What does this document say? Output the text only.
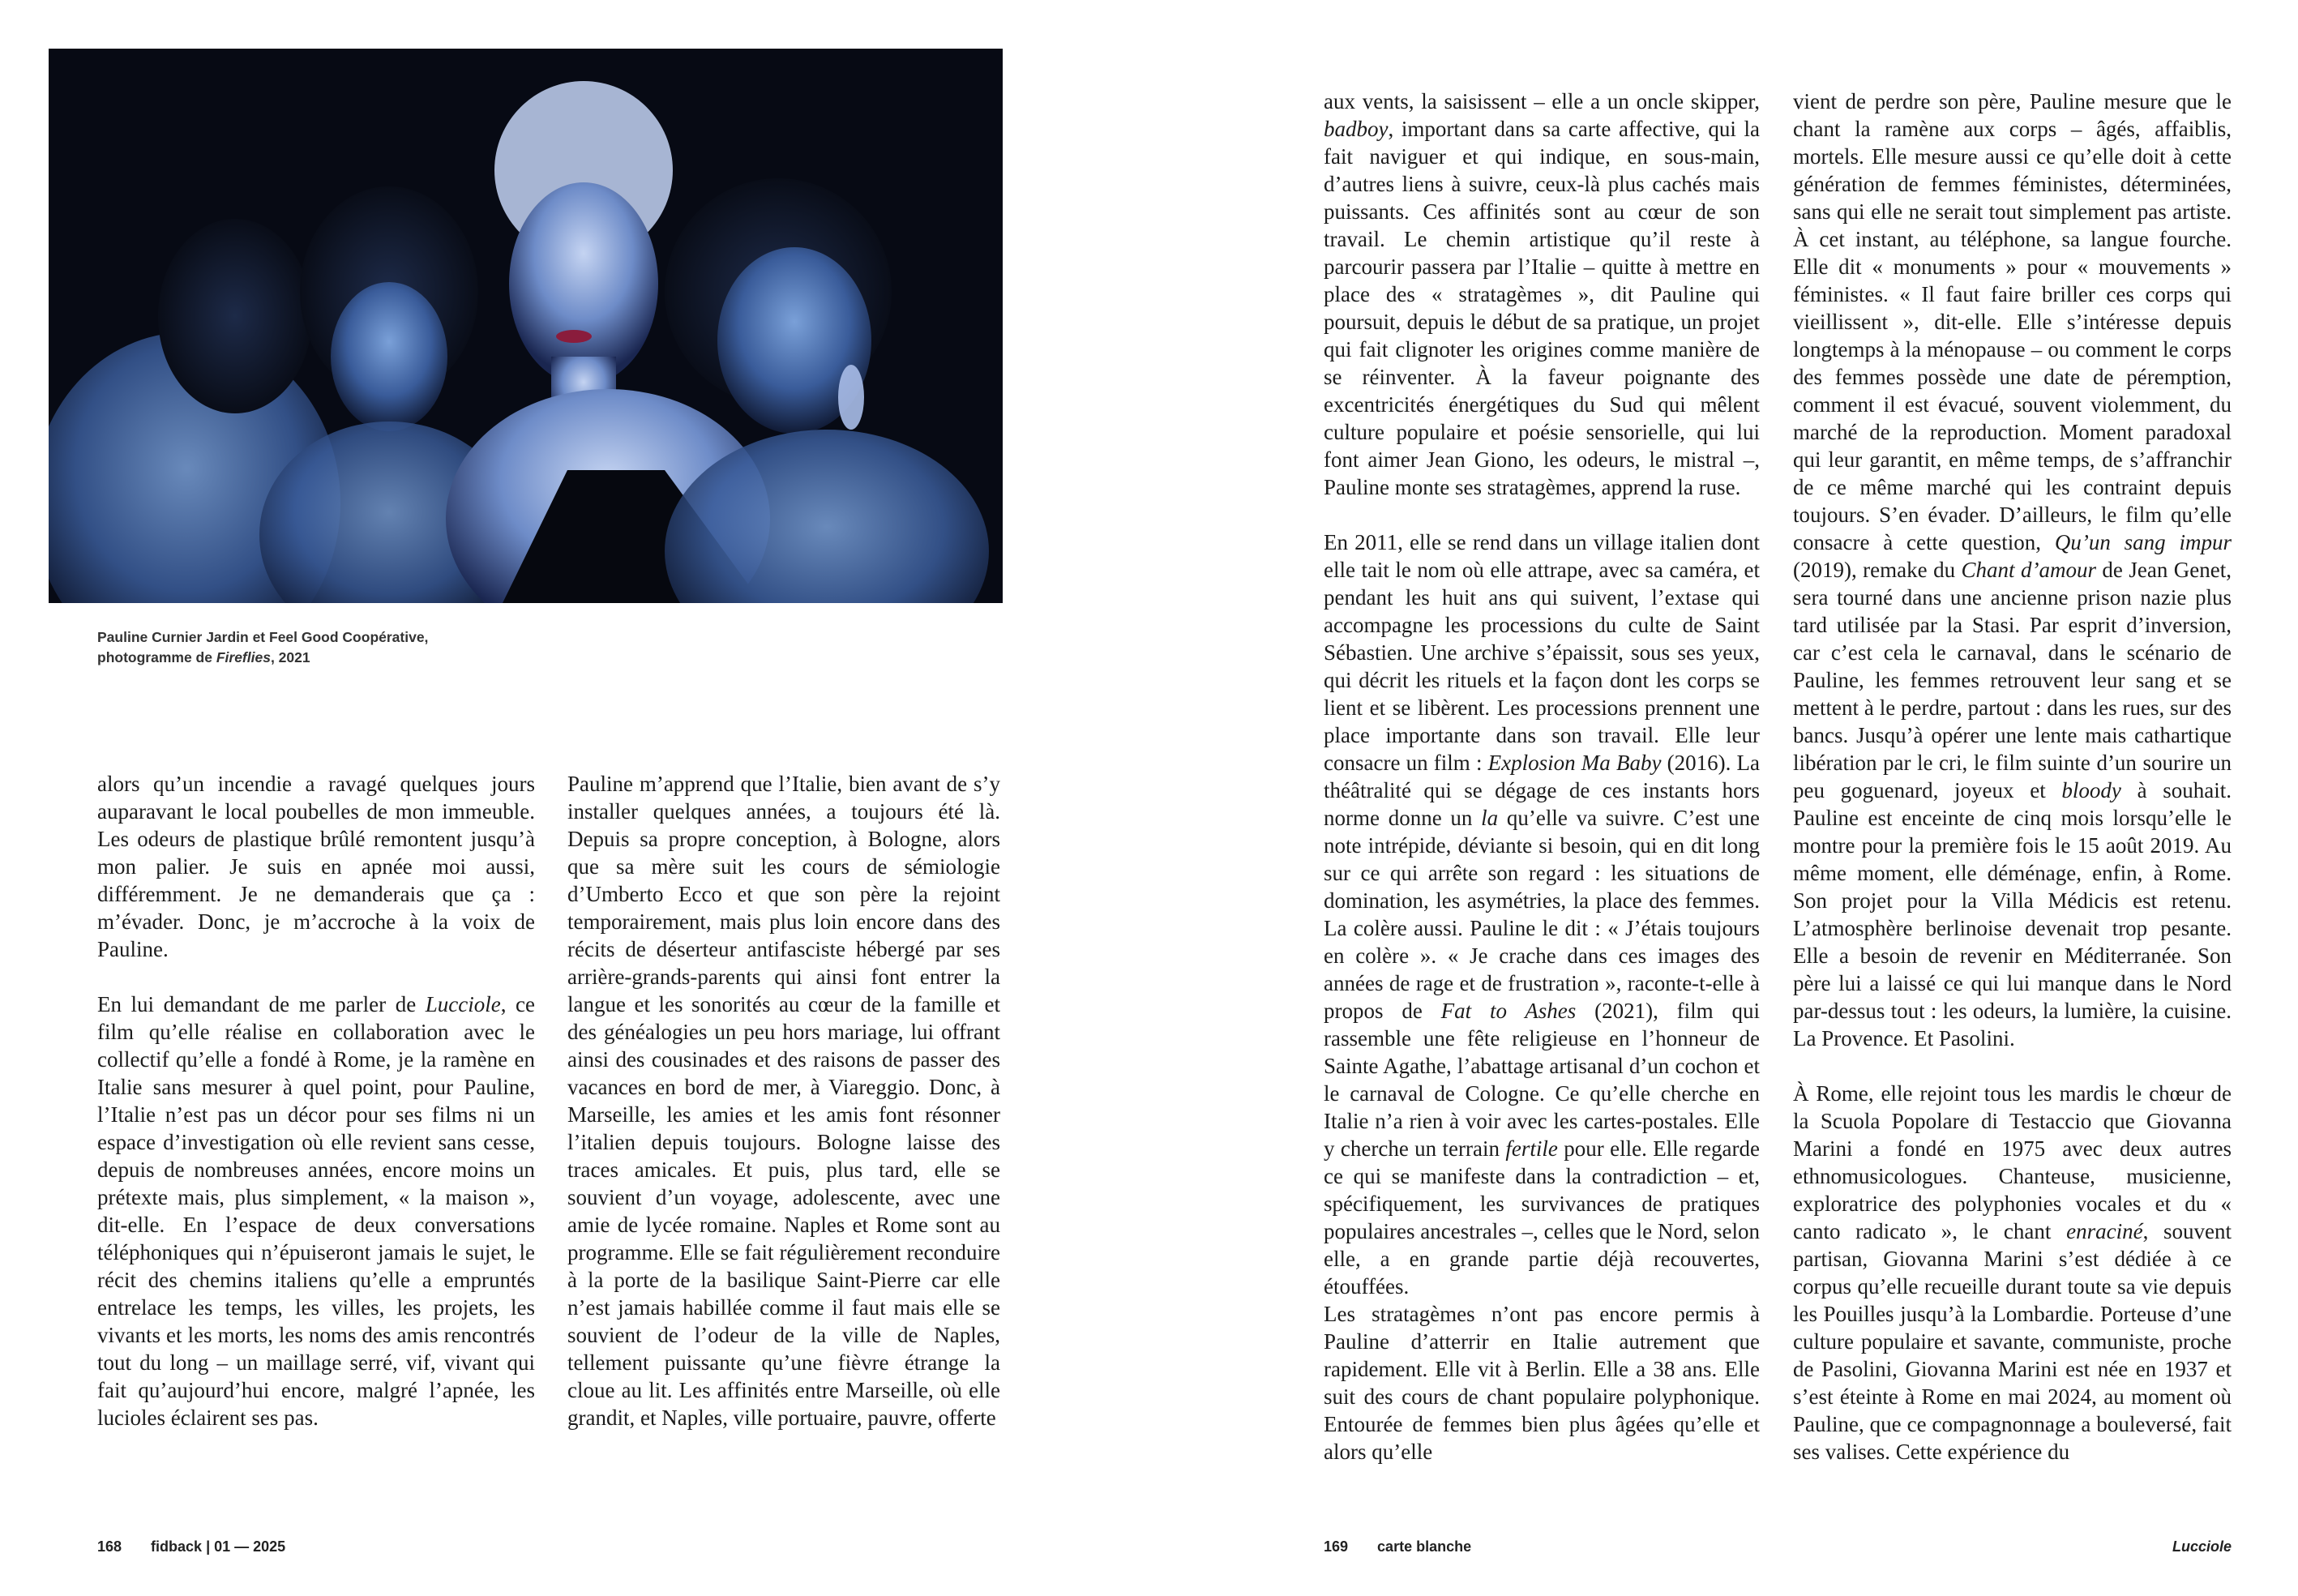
Pauline Curnier Jardin et Feel Good Coopérative,
photogramme de Fireflies, 2021

alors qu’un incendie a ravagé quelques jours auparavant le local poubelles de mon immeuble. Les odeurs de plastique brûlé remontent jusqu’à mon palier. Je suis en apnée moi aussi, différemment. Je ne demanderais que ça : m’évader. Donc, je m’accroche à la voix de Pauline.

En lui demandant de me parler de Lucciole, ce film qu’elle réalise en collaboration avec le collectif qu’elle a fondé à Rome, je la ramène en Italie sans mesurer à quel point, pour Pauline, l’Italie n’est pas un décor pour ses films ni un espace d’investigation où elle revient sans cesse, depuis de nombreuses années, encore moins un prétexte mais, plus simplement, « la maison », dit-elle. En l’espace de deux conversations téléphoniques qui n’épuiseront jamais le sujet, le récit des chemins italiens qu’elle a empruntés entrelace les temps, les villes, les projets, les vivants et les morts, les noms des amis rencontrés tout du long – un maillage serré, vif, vivant qui fait qu’aujourd’hui encore, malgré l’apnée, les lucioles éclairent ses pas.

Pauline m’apprend que l’Italie, bien avant de s’y installer quelques années, a toujours été là. Depuis sa propre conception, à Bologne, alors que sa mère suit les cours de sémiologie d’Umberto Ecco et que son père la rejoint temporairement, mais plus loin encore dans des récits de déserteur antifasciste hébergé par ses arrière-grands-parents qui ainsi font entrer la langue et les sonorités au cœur de la famille et des généalogies un peu hors mariage, lui offrant ainsi des cousinades et des raisons de passer des vacances en bord de mer, à Viareggio. Donc, à Marseille, les amies et les amis font résonner l’italien depuis toujours. Bologne laisse des traces amicales. Et puis, plus tard, elle se souvient d’un voyage, adolescente, avec une amie de lycée romaine. Naples et Rome sont au programme. Elle se fait régulièrement reconduire à la porte de la basilique Saint-Pierre car elle n’est jamais habillée comme il faut mais elle se souvient de l’odeur de la ville de Naples, tellement puissante qu’une fièvre étrange la cloue au lit. Les affinités entre Marseille, où elle grandit, et Naples, ville portuaire, pauvre, offerte

aux vents, la saisissent – elle a un oncle skipper, badboy, important dans sa carte affective, qui la fait naviguer et qui indique, en sous-main, d’autres liens à suivre, ceux-là plus cachés mais puissants. Ces affinités sont au cœur de son travail. Le chemin artistique qu’il reste à parcourir passera par l’Italie – quitte à mettre en place des « stratagèmes », dit Pauline qui poursuit, depuis le début de sa pratique, un projet qui fait clignoter les origines comme manière de se réinventer. À la faveur poignante des excentricités énergétiques du Sud qui mêlent culture populaire et poésie sensorielle, qui lui font aimer Jean Giono, les odeurs, le mistral –, Pauline monte ses stratagèmes, apprend la ruse.

En 2011, elle se rend dans un village italien dont elle tait le nom où elle attrape, avec sa caméra, et pendant les huit ans qui suivent, l’extase qui accompagne les processions du culte de Saint Sébastien. Une archive s’épaissit, sous ses yeux, qui décrit les rituels et la façon dont les corps se lient et se libèrent. Les processions prennent une place importante dans son travail. Elle leur consacre un film : Explosion Ma Baby (2016). La théâtralité qui se dégage de ces instants hors norme donne un la qu’elle va suivre. C’est une note intrépide, déviante si besoin, qui en dit long sur ce qui arrête son regard : les situations de domination, les asymétries, la place des femmes. La colère aussi. Pauline le dit : « J’étais toujours en colère ». « Je crache dans ces images des années de rage et de frustration », raconte-t-elle à propos de Fat to Ashes (2021), film qui rassemble une fête religieuse en l’honneur de Sainte Agathe, l’abattage artisanal d’un cochon et le carnaval de Cologne. Ce qu’elle cherche en Italie n’a rien à voir avec les cartes-postales. Elle y cherche un terrain fertile pour elle. Elle regarde ce qui se manifeste dans la contradiction – et, spécifiquement, les survivances de pratiques populaires ancestrales –, celles que le Nord, selon elle, a en grande partie déjà recouvertes, étouffées.

Les stratagèmes n’ont pas encore permis à Pauline d’atterrir en Italie autrement que rapidement. Elle vit à Berlin. Elle a 38 ans. Elle suit des cours de chant populaire polyphonique. Entourée de femmes bien plus âgées qu’elle et alors qu’elle

vient de perdre son père, Pauline mesure que le chant la ramène aux corps – âgés, affaiblis, mortels. Elle mesure aussi ce qu’elle doit à cette génération de femmes féministes, déterminées, sans qui elle ne serait tout simplement pas artiste. À cet instant, au téléphone, sa langue fourche. Elle dit « monuments » pour « mouvements » féministes. « Il faut faire briller ces corps qui vieillissent », dit-elle. Elle s’intéresse depuis longtemps à la ménopause – ou comment le corps des femmes possède une date de péremption, comment il est évacué, souvent violemment, du marché de la reproduction. Moment paradoxal qui leur garantit, en même temps, de s’affranchir de ce même marché qui les contraint depuis toujours. S’en évader. D’ailleurs, le film qu’elle consacre à cette question, Qu’un sang impur (2019), remake du Chant d’amour de Jean Genet, sera tourné dans une ancienne prison nazie plus tard utilisée par la Stasi. Par esprit d’inversion, car c’est cela le carnaval, dans le scénario de Pauline, les femmes retrouvent leur sang et se mettent à le perdre, partout : dans les rues, sur des bancs. Jusqu’à opérer une lente mais cathartique libération par le cri, le film suinte d’un sourire un peu goguenard, joyeux et bloody à souhait. Pauline est enceinte de cinq mois lorsqu’elle le montre pour la première fois le 15 août 2019. Au même moment, elle déménage, enfin, à Rome. Son projet pour la Villa Médicis est retenu. L’atmosphère berlinoise devenait trop pesante. Elle a besoin de revenir en Méditerranée. Son père lui a laissé ce qui lui manque dans le Nord par-dessus tout : les odeurs, la lumière, la cuisine. La Provence. Et Pasolini.

À Rome, elle rejoint tous les mardis le chœur de la Scuola Popolare di Testaccio que Giovanna Marini a fondé en 1975 avec deux autres ethnomusicologues. Chanteuse, musicienne, exploratrice des polyphonies vocales et du « canto radicato », le chant enraciné, souvent partisan, Giovanna Marini s’est dédiée à ce corpus qu’elle recueille durant toute sa vie depuis les Pouilles jusqu’à la Lombardie. Porteuse d’une culture populaire et savante, communiste, proche de Pasolini, Giovanna Marini est née en 1937 et s’est éteinte à Rome en mai 2024, au moment où Pauline, que ce compagnonnage a bouleversé, fait ses valises. Cette expérience du

168 fidback | 01 — 2025	169 carte blanche	Lucciole
